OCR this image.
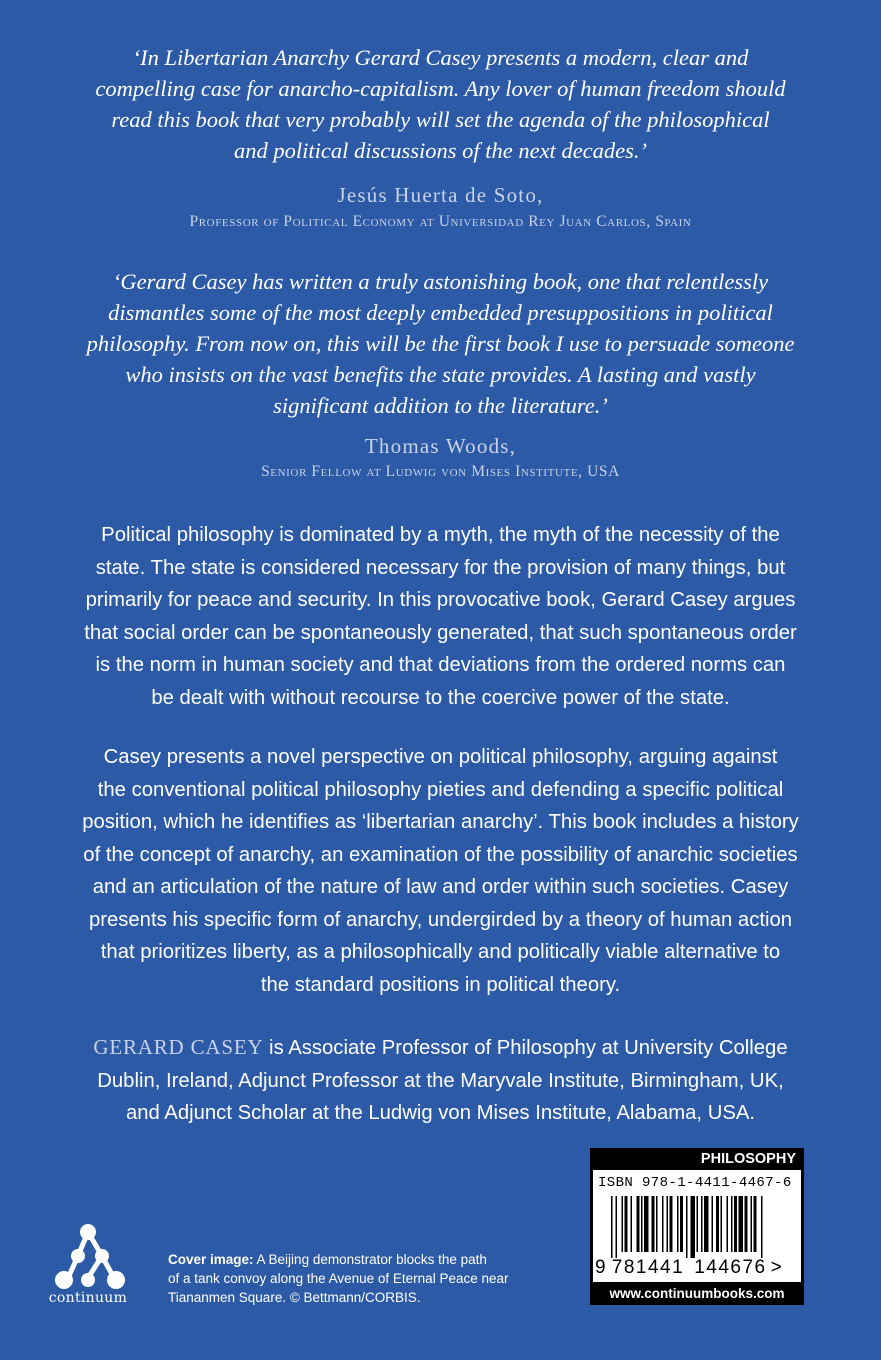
‘In Libertarian Anarchy Gerard Casey presents a modern, clear and
compelling case for anarcho-capitalism. Any lover of human freedom should
read this book that very probably will set the agenda of the philosophical
and political discussions of the next decades.’
Jesús Huerta de Soto,
Professor of Political Economy at Universidad Rey Juan Carlos, Spain
‘Gerard Casey has written a truly astonishing book, one that relentlessly
dismantles some of the most deeply embedded presuppositions in political
philosophy. From now on, this will be the first book I use to persuade someone
who insists on the vast benefits the state provides. A lasting and vastly
significant addition to the literature.’
Thomas Woods,
Senior Fellow at Ludwig von Mises Institute, USA
Political philosophy is dominated by a myth, the myth of the necessity of the
state. The state is considered necessary for the provision of many things, but
primarily for peace and security. In this provocative book, Gerard Casey argues
that social order can be spontaneously generated, that such spontaneous order
is the norm in human society and that deviations from the ordered norms can
be dealt with without recourse to the coercive power of the state.
Casey presents a novel perspective on political philosophy, arguing against
the conventional political philosophy pieties and defending a specific political
position, which he identifies as ‘libertarian anarchy’. This book includes a history
of the concept of anarchy, an examination of the possibility of anarchic societies
and an articulation of the nature of law and order within such societies. Casey
presents his specific form of anarchy, undergirded by a theory of human action
that prioritizes liberty, as a philosophically and politically viable alternative to
the standard positions in political theory.
GERARD CASEY is Associate Professor of Philosophy at University College
Dublin, Ireland, Adjunct Professor at the Maryvale Institute, Birmingham, UK,
and Adjunct Scholar at the Ludwig von Mises Institute, Alabama, USA.
continuum
Cover image: A Beijing demonstrator blocks the path
of a tank convoy along the Avenue of Eternal Peace near
Tiananmen Square. © Bettmann/CORBIS.
PHILOSOPHY
ISBN 978-1-4411-4467-6
9 781441 144676 >
www.continuumbooks.com
